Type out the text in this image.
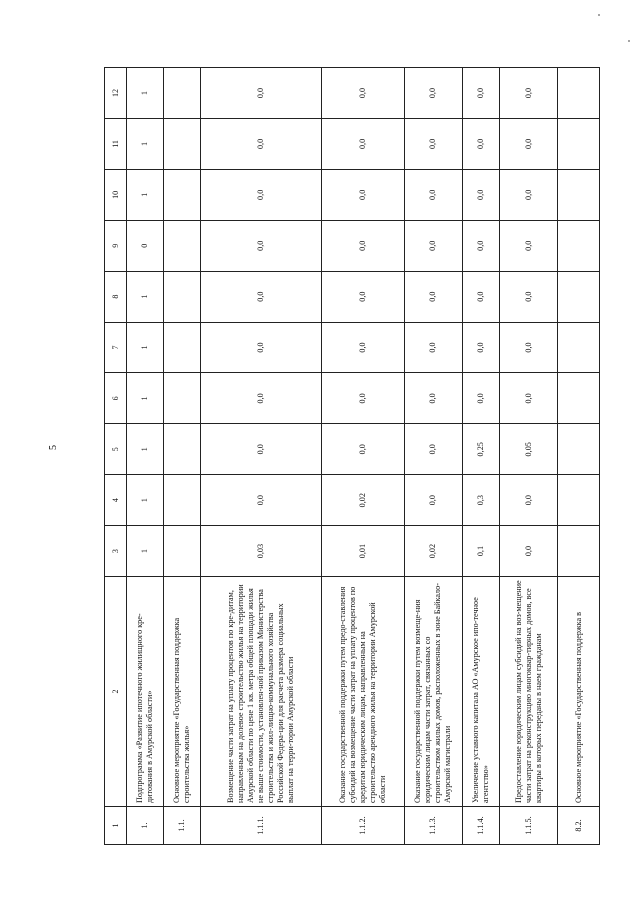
5
1	2	3	4	5	6	7	8	9	10	11	12
1.	Подпрограмма «Развитие ипотечного жилищного кре-дитования в Амурской области»	1	1	1	1	1	1	0	1	1	1
1.1.	Основное мероприятие «Государственная поддержка строительства жилья»										
1.1.1.	Возмещение части затрат на уплату процентов по кре-дитам, направленным на долевое строительство жилья на территории Амурской области по цене 1 кв. метра общей площади жилья не выше стоимости, установлен-ной приказом Министерства строительства и жил-лищно-коммунального хозяйства Российской Федера-ции для расчета размера социальных выплат на терри-тории Амурской области	0,03	0,0	0,0	0,0	0,0	0,0	0,0	0,0	0,0	0,0
1.1.2.	Оказание государственной поддержки путем предо-ставления субсидий на возмещение части затрат на уплату процентов по кредитам юридическим лицам, направленным на строительство арендного жилья на территории Амурской области	0,01	0,02	0,0	0,0	0,0	0,0	0,0	0,0	0,0	0,0
1.1.3.	Оказание государственной поддержки путем возмеще-ния юридическим лицам части затрат, связанных со строительством жилых домов, расположенных в зоне Байкало-Амурской магистрали	0,02	0,0	0,0	0,0	0,0	0,0	0,0	0,0	0,0	0,0
1.1.4.	Увеличение уставного капитала АО «Амурское ипо-течное агентство»	0,1	0,3	0,25	0,0	0,0	0,0	0,0	0,0	0,0	0,0
1.1.5.	Предоставление юридическим лицам субсидий на воз-мещение части затрат на реконструкцию многоквар-тирных домов, все квартиры в которых переданы в наем гражданам	0,0	0,0	0,05	0,0	0,0	0,0	0,0	0,0	0,0	0,0
8.2.	Основное мероприятие «Государственная поддержка в										
